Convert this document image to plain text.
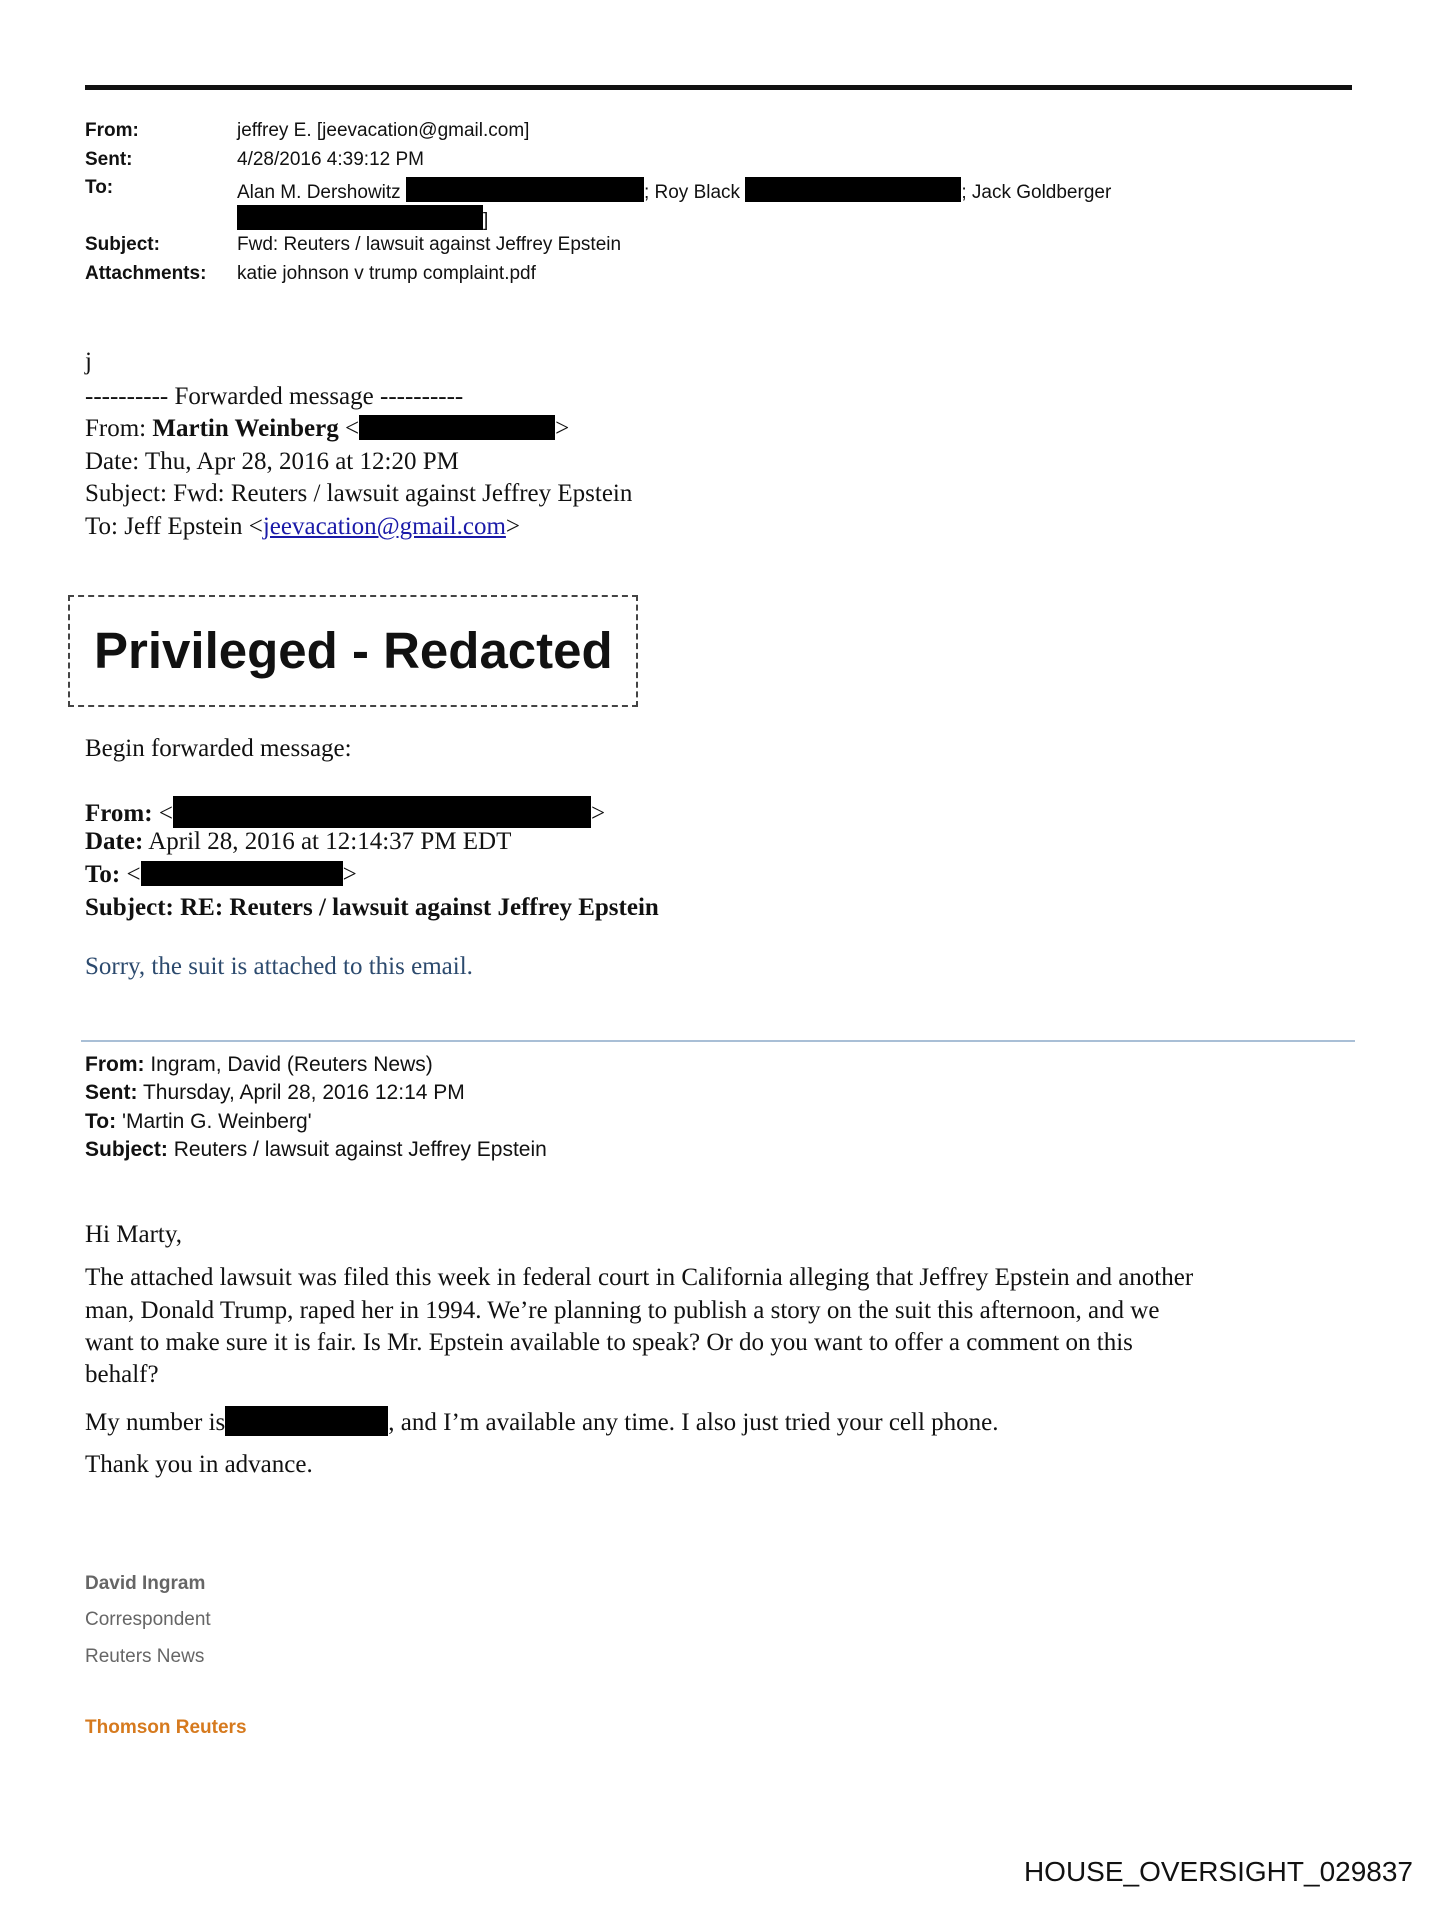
From:	jeffrey E. [jeevacation@gmail.com]
Sent:	4/28/2016 4:39:12 PM
To:	Alan M. Dershowitz	; Roy Black	; Jack Goldberger
]
Subject:	Fwd: Reuters / lawsuit against Jeffrey Epstein
Attachments: katie johnson v trump complaint.pdf
j
---------- Forwarded message ----------
From: Martin Weinberg <	>
Date: Thu, Apr 28, 2016 at 12:20 PM
Subject: Fwd: Reuters / lawsuit against Jeffrey Epstein
To: Jeff Epstein <jeevacation@gmail.com>
Privileged - Redacted
Begin forwarded message:
From: <	>
Date: April 28, 2016 at 12:14:37 PM EDT
To: <	>
Subject: RE: Reuters / lawsuit against Jeffrey Epstein
Sorry, the suit is attached to this email.
From: Ingram, David (Reuters News)
Sent: Thursday, April 28, 2016 12:14 PM
To: 'Martin G. Weinberg'
Subject: Reuters / lawsuit against Jeffrey Epstein
Hi Marty,
The attached lawsuit was filed this week in federal court in California alleging that Jeffrey Epstein and another
man, Donald Trump, raped her in 1994. We’re planning to publish a story on the suit this afternoon, and we
want to make sure it is fair. Is Mr. Epstein available to speak? Or do you want to offer a comment on this
behalf?
My number is	, and I’m available any time. I also just tried your cell phone.
Thank you in advance.
David Ingram
Correspondent
Reuters News
Thomson Reuters
HOUSE_OVERSIGHT_029837
